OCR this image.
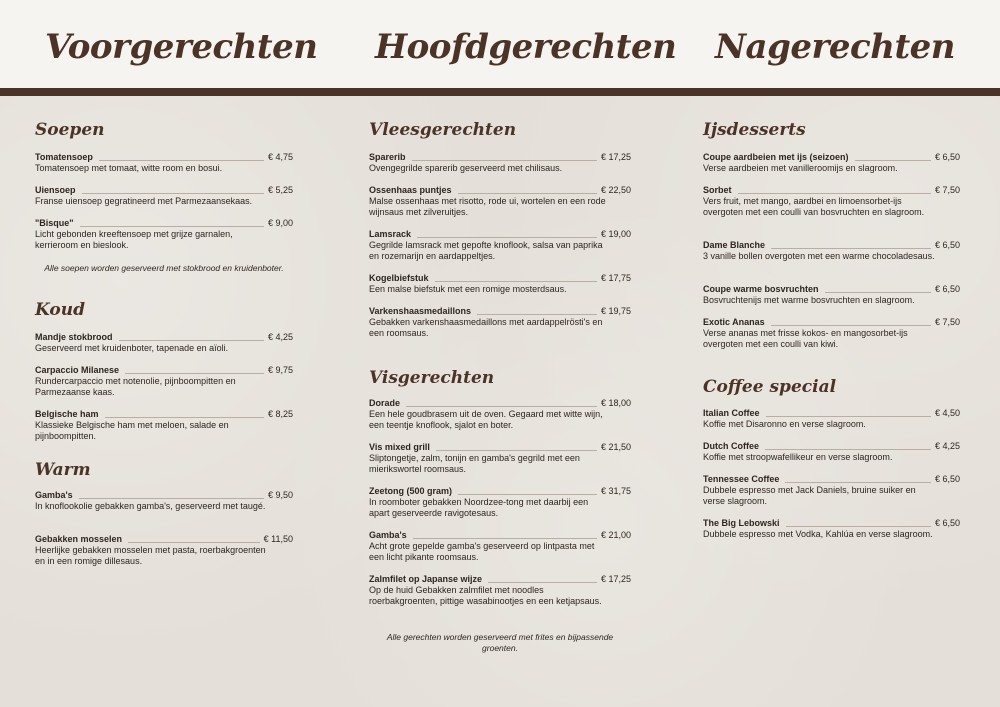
Voorgerechten Hoofdgerechten Nagerechten
Soepen
Tomatensoep	€ 4,75
Tomatensoep met tomaat, witte room en bosui.
Uiensoep	€ 5,25
Franse uiensoep gegratineerd met Parmezaansekaas.
"Bisque"	€ 9,00
Licht gebonden kreeftensoep met grijze garnalen, kerrieroom en bieslook.
Alle soepen worden geserveerd met stokbrood en kruidenboter.
Koud
Mandje stokbrood	€ 4,25
Geserveerd met kruidenboter, tapenade en aïoli.
Carpaccio Milanese	€ 9,75
Rundercarpaccio met notenolie, pijnboompitten en Parmezaanse kaas.
Belgische ham	€ 8,25
Klassieke Belgische ham met meloen, salade en pijnboompitten.
Warm
Gamba's	€ 9,50
In knoflookolie gebakken gamba's, geserveerd met taugé.
Gebakken mosselen	€ 11,50
Heerlijke gebakken mosselen met pasta, roerbakgroenten en in een romige dillesaus.
Vleesgerechten
Sparerib	€ 17,25
Ovengegrilde sparerib geserveerd met chilisaus.
Ossenhaas puntjes	€ 22,50
Malse ossenhaas met risotto, rode ui, wortelen en een rode wijnsaus met zilveruitjes.
Lamsrack	€ 19,00
Gegrilde lamsrack met gepofte knoflook, salsa van paprika en rozemarijn en aardappeltjes.
Kogelbiefstuk	€ 17,75
Een malse biefstuk met een romige mosterdsaus.
Varkenshaasmedaillons	€ 19,75
Gebakken varkenshaasmedaillons met aardappelrösti's en een roomsaus.
Visgerechten
Dorade	€ 18,00
Een hele goudbrasem uit de oven. Gegaard met witte wijn, een teentje knoflook, sjalot en boter.
Vis mixed grill	€ 21,50
Sliptongetje, zalm, tonijn en gamba's gegrild met een mierikswortel roomsaus.
Zeetong (500 gram)	€ 31,75
In roomboter gebakken Noordzee-tong met daarbij een apart geserveerde ravigotesaus.
Gamba's	€ 21,00
Acht grote gepelde gamba's geserveerd op lintpasta met een licht pikante roomsaus.
Zalmfilet op Japanse wijze	€ 17,25
Op de huid Gebakken zalmfilet met noodles roerbakgroenten, pittige wasabinootjes en een ketjapsaus.
Alle gerechten worden geserveerd met frites en bijpassende groenten.
Ijsdesserts
Coupe aardbeien met ijs (seizoen)	€ 6,50
Verse aardbeien met vanilleroomijs en slagroom.
Sorbet	€ 7,50
Vers fruit, met mango, aardbei en limoensorbet-ijs overgoten met een coulli van bosvruchten en slagroom.
Dame Blanche	€ 6,50
3 vanille bollen overgoten met een warme chocoladesaus.
Coupe warme bosvruchten	€ 6,50
Bosvruchtenijs met warme bosvruchten en slagroom.
Exotic Ananas	€ 7,50
Verse ananas met frisse kokos- en mangosorbet-ijs overgoten met een coulli van kiwi.
Coffee special
Italian Coffee	€ 4,50
Koffie met Disaronno en verse slagroom.
Dutch Coffee	€ 4,25
Koffie met stroopwafellikeur en verse slagroom.
Tennessee Coffee	€ 6,50
Dubbele espresso met Jack Daniels, bruine suiker en verse slagroom.
The Big Lebowski	€ 6,50
Dubbele espresso met Vodka, Kahlúa en verse slagroom.
